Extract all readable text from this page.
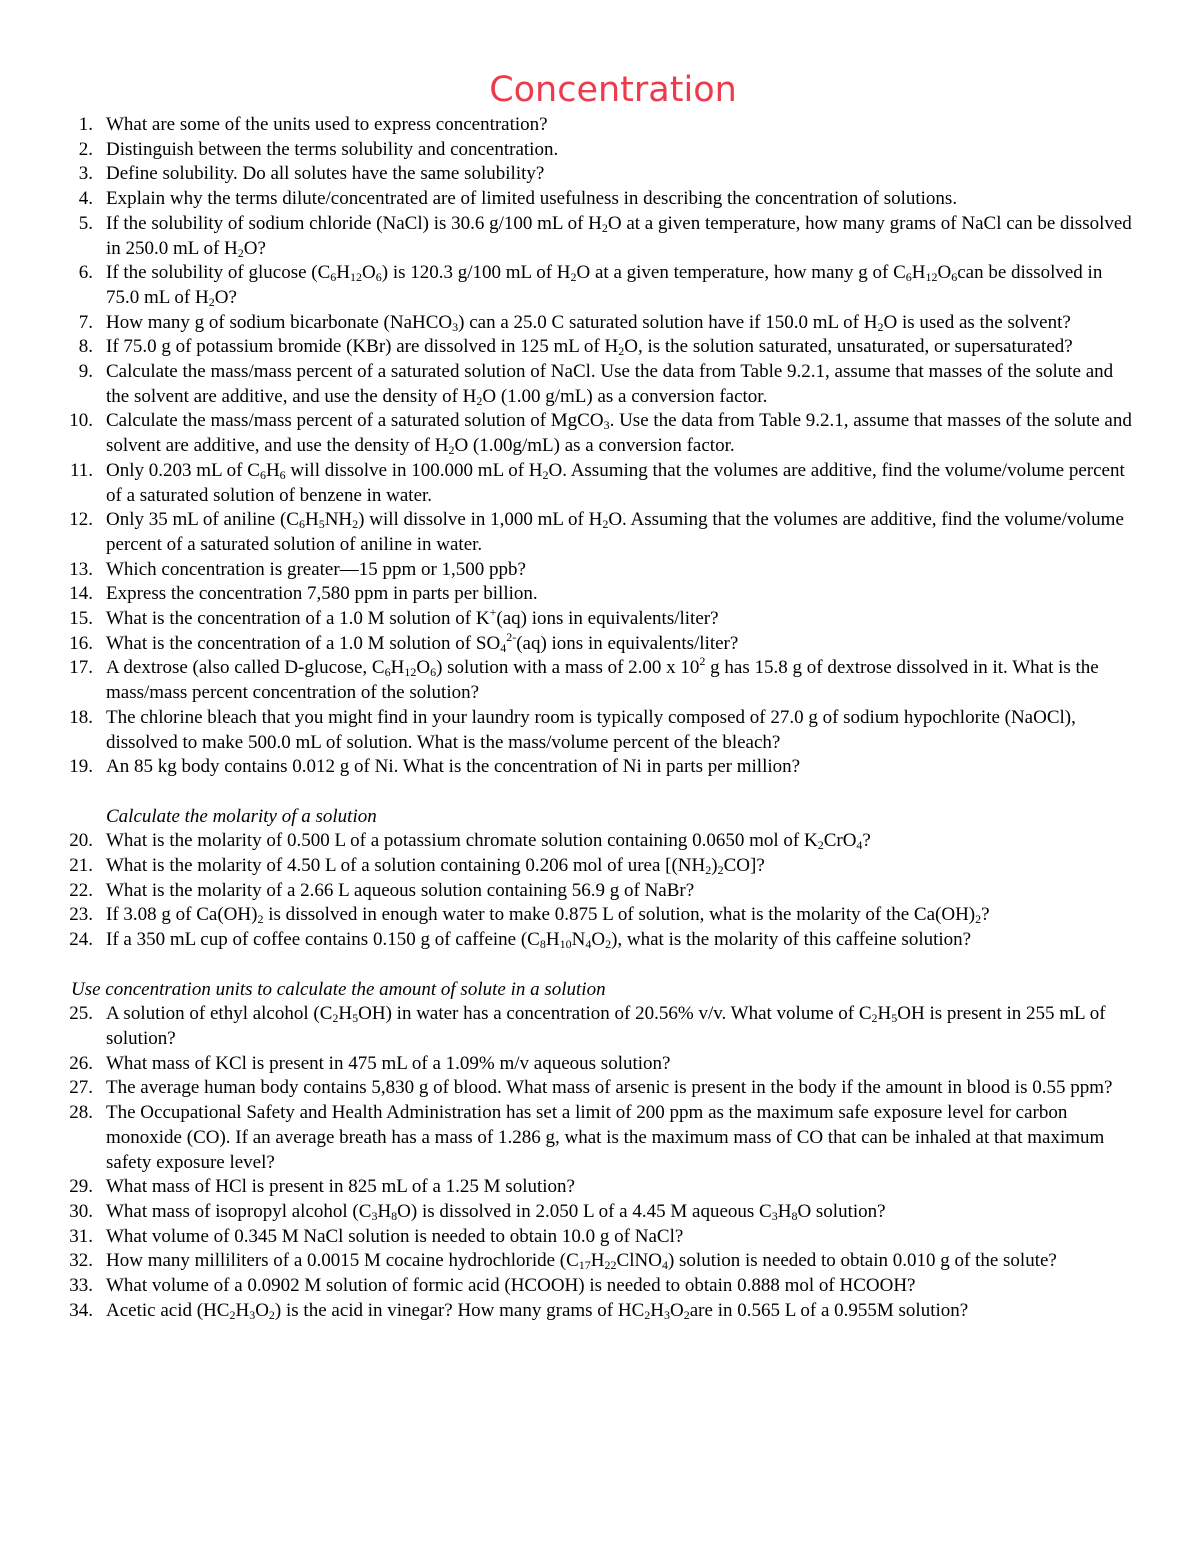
Concentration
1. What are some of the units used to express concentration?
2. Distinguish between the terms solubility and concentration.
3. Define solubility. Do all solutes have the same solubility?
4. Explain why the terms dilute/concentrated are of limited usefulness in describing the concentration of solutions.
5. If the solubility of sodium chloride (NaCl) is 30.6 g/100 mL of $H_2O$ at a given temperature, how many grams of NaCl can be dissolved in 250.0 mL of $H_2O$?
6. If the solubility of glucose $(C_6H_{12}O_6)$ is 120.3 g/100 mL of $H_2O$ at a given temperature, how many g of $C_6H_{12}O_6can$ be dissolved in 75.0 mL of $H_2O$?
7. How many g of sodium bicarbonate (NaHCO$_3$) can a 25.0 C saturated solution have if 150.0 mL of $H_2O$ is used as the solvent?
8. If 75.0 g of potassium bromide (KBr) are dissolved in 125 mL of $H_2O$, is the solution saturated, unsaturated, or supersaturated?
9. Calculate the mass/mass percent of a saturated solution of NaCl. Use the data from Table 9.2.1, assume that masses of the solute and the solvent are additive, and use the density of $H_2O$ (1.00 g/mL) as a conversion factor.
10. Calculate the mass/mass percent of a saturated solution of MgCO$_3$. Use the data from Table 9.2.1, assume that masses of the solute and solvent are additive, and use the density of $H_2O$ (1.00g/mL) as a conversion factor.
11. Only 0.203 mL of $C_6H_6$ will dissolve in 100.000 mL of $H_2O$. Assuming that the volumes are additive, find the volume/volume percent of a saturated solution of benzene in water.
12. Only 35 mL of aniline $(C_6H_5NH_2)$ will dissolve in 1,000 mL of $H_2O$. Assuming that the volumes are additive, find the volume/volume percent of a saturated solution of aniline in water.
13. Which concentration is greater—15 ppm or 1,500 ppb?
14. Express the concentration 7,580 ppm in parts per billion.
15. What is the concentration of a 1.0 M solution of K+(aq) ions in equivalents/liter?
16. What is the concentration of a 1.0 M solution of $SO_4^{2-}(aq)$ ions in equivalents/liter?
17. A dextrose (also called D-glucose, $C_6H_{12}O_6$) solution with a mass of 2.00 x $10^2$ g has 15.8 g of dextrose dissolved in it. What is the mass/mass percent concentration of the solution?
18. The chlorine bleach that you might find in your laundry room is typically composed of 27.0 g of sodium hypochlorite (NaOCl), dissolved to make 500.0 mL of solution. What is the mass/volume percent of the bleach?
19. An 85 kg body contains 0.012 g of Ni. What is the concentration of Ni in parts per million?
Calculate the molarity of a solution
20. What is the molarity of 0.500 L of a potassium chromate solution containing 0.0650 mol of $K_2CrO_4$?
21. What is the molarity of 4.50 L of a solution containing 0.206 mol of urea $[(NH_2)_2CO]$?
22. What is the molarity of a 2.66 L aqueous solution containing 56.9 g of NaBr?
23. If 3.08 g of $Ca(OH)_2$ is dissolved in enough water to make 0.875 L of solution, what is the molarity of the $Ca(OH)_2$?
24. If a 350 mL cup of coffee contains 0.150 g of caffeine $(C_8H_{10}N_4O_2)$, what is the molarity of this caffeine solution?
Use concentration units to calculate the amount of solute in a solution
25. A solution of ethyl alcohol $(C_2H_5OH)$ in water has a concentration of 20.56% v/v. What volume of $C_2H_5OH$ is present in 255 mL of solution?
26. What mass of KCl is present in 475 mL of a 1.09% m/v aqueous solution?
27. The average human body contains 5,830 g of blood. What mass of arsenic is present in the body if the amount in blood is 0.55 ppm?
28. The Occupational Safety and Health Administration has set a limit of 200 ppm as the maximum safe exposure level for carbon monoxide (CO). If an average breath has a mass of 1.286 g, what is the maximum mass of CO that can be inhaled at that maximum safety exposure level?
29. What mass of HCl is present in 825 mL of a 1.25 M solution?
30. What mass of isopropyl alcohol $(C_3H_8O)$ is dissolved in 2.050 L of a 4.45 M aqueous $C_3H_8O$ solution?
31. What volume of 0.345 M NaCl solution is needed to obtain 10.0 g of NaCl?
32. How many milliliters of a 0.0015 M cocaine hydrochloride $(C_{17}H_{22}ClNO_4)$ solution is needed to obtain 0.010 g of the solute?
33. What volume of a 0.0902 M solution of formic acid (HCOOH) is needed to obtain 0.888 mol of HCOOH?
34. Acetic acid $(HC_2H_3O_2)$ is the acid in vinegar? How many grams of $HC_2H_3O_2are$ in 0.565 L of a 0.955M solution?
